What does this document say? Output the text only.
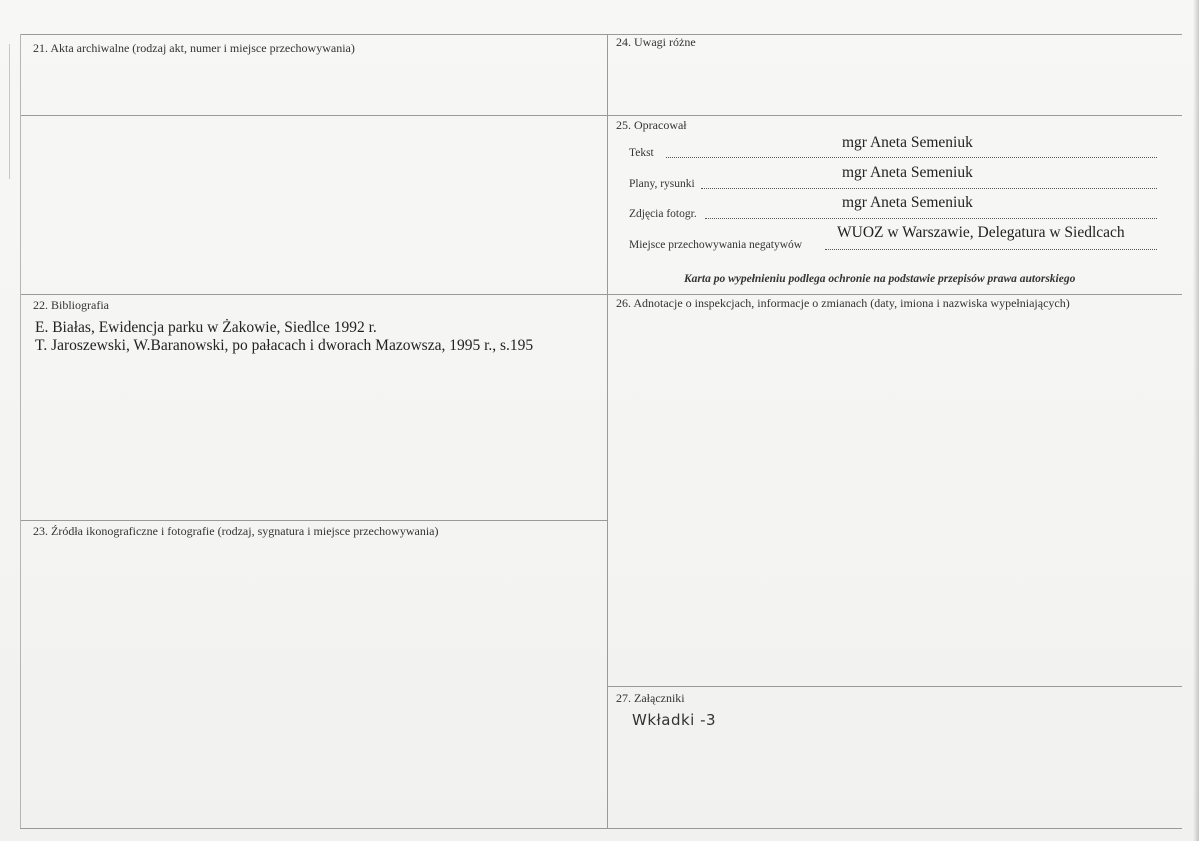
21. Akta archiwalne (rodzaj akt, numer i miejsce przechowywania)	24. Uwagi różne
25. Opracował
Tekst
mgr Aneta Semeniuk
Plany, rysunki
mgr Aneta Semeniuk
Zdjęcia fotogr.
mgr Aneta Semeniuk
Miejsce przechowywania negatywów
WUOZ w Warszawie, Delegatura w Siedlcach
Karta po wypełnieniu podlega ochronie na podstawie przepisów prawa autorskiego
22. Bibliografia
E. Białas, Ewidencja parku w Żakowie, Siedlce 1992 r.
T. Jaroszewski, W.Baranowski, po pałacach i dworach Mazowsza, 1995 r., s.195
26. Adnotacje o inspekcjach, informacje o zmianach (daty, imiona i nazwiska wypełniających)
23. Źródła ikonograficzne i fotografie (rodzaj, sygnatura i miejsce przechowywania)
27. Załączniki
Wkładki -3
